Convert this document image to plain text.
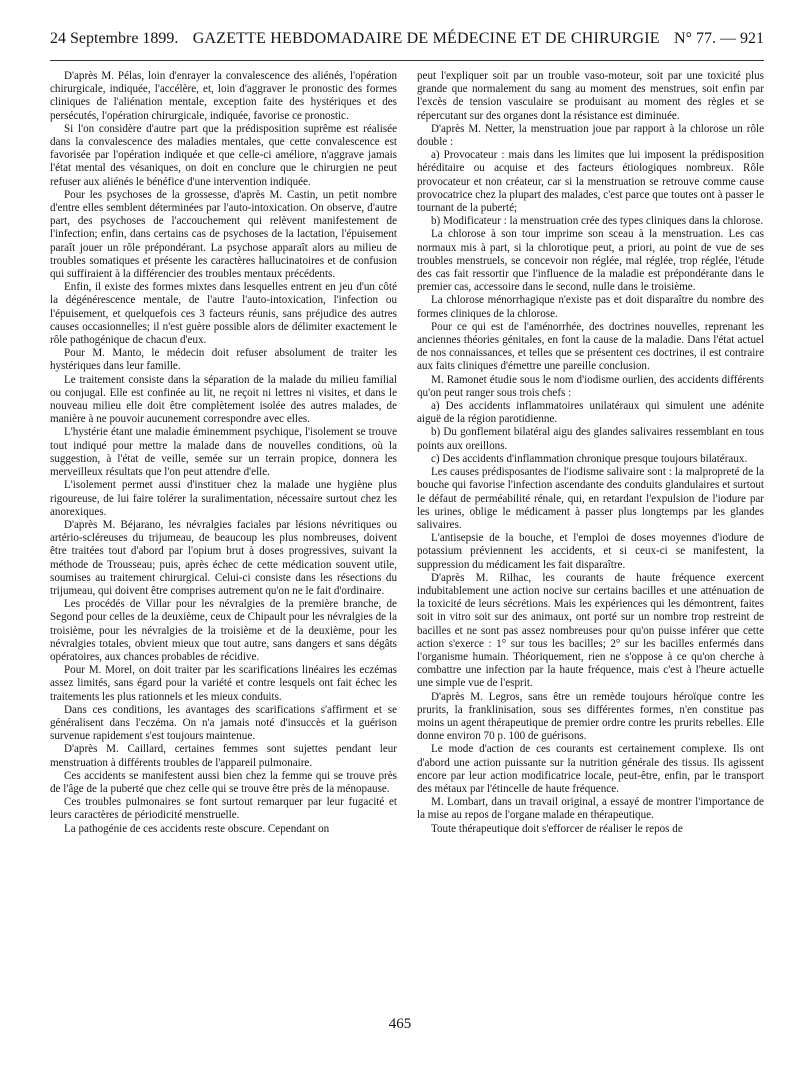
24 Septembre 1899. GAZETTE HEBDOMADAIRE DE MÉDECINE ET DE CHIRURGIE N° 77. — 921

D'après M. Pélas, loin d'enrayer la convalescence des aliénés, l'opération chirurgicale, indiquée, l'accélère, et, loin d'aggraver le pronostic des formes cliniques de l'aliénation mentale, exception faite des hystériques et des persécutés, l'opération chirurgicale, indiquée, favorise ce pronostic.

Si l'on considère d'autre part que la prédisposition suprême est réalisée dans la convalescence des maladies mentales, que cette convalescence est favorisée par l'opération indiquée et que celle-ci améliore, n'aggrave jamais l'état mental des vésaniques, on doit en conclure que le chirurgien ne peut refuser aux aliénés le bénéfice d'une intervention indiquée.

Pour les psychoses de la grossesse, d'après M. Castin, un petit nombre d'entre elles semblent déterminées par l'auto-intoxication. On observe, d'autre part, des psychoses de l'accouchement qui relèvent manifestement de l'infection; enfin, dans certains cas de psychoses de la lactation, l'épuisement paraît jouer un rôle prépondérant. La psychose apparaît alors au milieu de troubles somatiques et présente les caractères hallucinatoires et de confusion qui suffiraient à la différencier des troubles mentaux précédents.

Enfin, il existe des formes mixtes dans lesquelles entrent en jeu d'un côté la dégénérescence mentale, de l'autre l'auto-intoxication, l'infection ou l'épuisement, et quelquefois ces 3 facteurs réunis, sans préjudice des autres causes occasionnelles; il n'est guère possible alors de délimiter exactement le rôle pathogénique de chacun d'eux.

Pour M. Manto, le médecin doit refuser absolument de traiter les hystériques dans leur famille.

Le traitement consiste dans la séparation de la malade du milieu familial ou conjugal. Elle est confinée au lit, ne reçoit ni lettres ni visites, et dans le nouveau milieu elle doit être complètement isolée des autres malades, de manière à ne pouvoir aucunement correspondre avec elles.

L'hystérie étant une maladie éminemment psychique, l'isolement se trouve tout indiqué pour mettre la malade dans de nouvelles conditions, où la suggestion, à l'état de veille, semée sur un terrain propice, donnera les merveilleux résultats que l'on peut attendre d'elle.

L'isolement permet aussi d'instituer chez la malade une hygiène plus rigoureuse, de lui faire tolérer la suralimentation, nécessaire surtout chez les anorexiques.

D'après M. Béjarano, les névralgies faciales par lésions névritiques ou artério-scléreuses du trijumeau, de beaucoup les plus nombreuses, doivent être traitées tout d'abord par l'opium brut à doses progressives, suivant la méthode de Trousseau; puis, après échec de cette médication souvent utile, soumises au traitement chirurgical. Celui-ci consiste dans les résections du trijumeau, qui doivent être comprises autrement qu'on ne le fait d'ordinaire.

Les procédés de Villar pour les névralgies de la première branche, de Segond pour celles de la deuxième, ceux de Chipault pour les névralgies de la troisième, pour les névralgies de la troisième et de la deuxième, pour les névralgies totales, obvient mieux que tout autre, sans dangers et sans dégâts opératoires, aux chances probables de récidive.

Pour M. Morel, on doit traiter par les scarifications linéaires les eczémas assez limités, sans égard pour la variété et contre lesquels ont fait échec les traitements les plus rationnels et les mieux conduits.

Dans ces conditions, les avantages des scarifications s'affirment et se généralisent dans l'eczéma. On n'a jamais noté d'insuccès et la guérison survenue rapidement s'est toujours maintenue.

D'après M. Caillard, certaines femmes sont sujettes pendant leur menstruation à différents troubles de l'appareil pulmonaire.

Ces accidents se manifestent aussi bien chez la femme qui se trouve près de l'âge de la puberté que chez celle qui se trouve être près de la ménopause.

Ces troubles pulmonaires se font surtout remarquer par leur fugacité et leurs caractères de périodicité menstruelle.

La pathogénie de ces accidents reste obscure. Cependant on

peut l'expliquer soit par un trouble vaso-moteur, soit par une toxicité plus grande que normalement du sang au moment des menstrues, soit enfin par l'excès de tension vasculaire se produisant au moment des règles et se répercutant sur des organes dont la résistance est diminuée.

D'après M. Netter, la menstruation joue par rapport à la chlorose un rôle double :

a) Provocateur : mais dans les limites que lui imposent la prédisposition héréditaire ou acquise et des facteurs étiologiques nombreux. Rôle provocateur et non créateur, car si la menstruation se retrouve comme cause provocatrice chez la plupart des malades, c'est parce que toutes ont à passer le tournant de la puberté;

b) Modificateur : la menstruation crée des types cliniques dans la chlorose.

La chlorose à son tour imprime son sceau à la menstruation. Les cas normaux mis à part, si la chlorotique peut, a priori, au point de vue de ses troubles menstruels, se concevoir non réglée, mal réglée, trop réglée, l'étude des cas fait ressortir que l'influence de la maladie est prépondérante dans le premier cas, accessoire dans le second, nulle dans le troisième.

La chlorose ménorrhagique n'existe pas et doit disparaître du nombre des formes cliniques de la chlorose.

Pour ce qui est de l'aménorrhée, des doctrines nouvelles, reprenant les anciennes théories génitales, en font la cause de la maladie. Dans l'état actuel de nos connaissances, et telles que se présentent ces doctrines, il est contraire aux faits cliniques d'émettre une pareille conclusion.

M. Ramonet étudie sous le nom d'iodisme ourlien, des accidents différents qu'on peut ranger sous trois chefs :

a) Des accidents inflammatoires unilatéraux qui simulent une adénite aiguë de la région parotidienne.

b) Du gonflement bilatéral aigu des glandes salivaires ressemblant en tous points aux oreillons.

c) Des accidents d'inflammation chronique presque toujours bilatéraux.

Les causes prédisposantes de l'iodisme salivaire sont : la malpropreté de la bouche qui favorise l'infection ascendante des conduits glandulaires et surtout le défaut de perméabilité rénale, qui, en retardant l'expulsion de l'iodure par les urines, oblige le médicament à passer plus longtemps par les glandes salivaires.

L'antisepsie de la bouche, et l'emploi de doses moyennes d'iodure de potassium préviennent les accidents, et si ceux-ci se manifestent, la suppression du médicament les fait disparaître.

D'après M. Rilhac, les courants de haute fréquence exercent indubitablement une action nocive sur certains bacilles et une atténuation de la toxicité de leurs sécrétions. Mais les expériences qui les démontrent, faites soit in vitro soit sur des animaux, ont porté sur un nombre trop restreint de bacilles et ne sont pas assez nombreuses pour qu'on puisse inférer que cette action s'exerce : 1° sur tous les bacilles; 2° sur les bacilles enfermés dans l'organisme humain. Théoriquement, rien ne s'oppose à ce qu'on cherche à combattre une infection par la haute fréquence, mais c'est à l'heure actuelle une simple vue de l'esprit.

D'après M. Legros, sans être un remède toujours héroïque contre les prurits, la franklinisation, sous ses différentes formes, n'en constitue pas moins un agent thérapeutique de premier ordre contre les prurits rebelles. Elle donne environ 70 p. 100 de guérisons.

Le mode d'action de ces courants est certainement complexe. Ils ont d'abord une action puissante sur la nutrition générale des tissus. Ils agissent encore par leur action modificatrice locale, peut-être, enfin, par le transport des métaux par l'étincelle de haute fréquence.

M. Lombart, dans un travail original, a essayé de montrer l'importance de la mise au repos de l'organe malade en thérapeutique.

Toute thérapeutique doit s'efforcer de réaliser le repos de

465
